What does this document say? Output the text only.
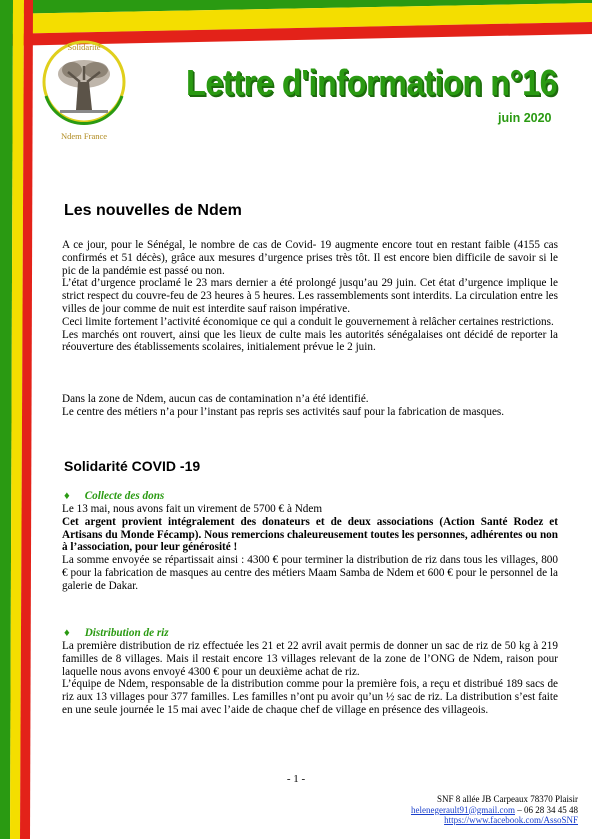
Solidarité
Ndem France
Lettre d'information n°16
juin 2020
Les nouvelles de Ndem

A ce jour, pour le Sénégal, le nombre de cas de Covid- 19 augmente encore tout en restant faible (4155 cas confirmés et 51 décès), grâce aux mesures d’urgence prises très tôt. Il est encore bien difficile de savoir si le pic de la pandémie est passé ou non.

L’état d’urgence proclamé le 23 mars dernier a été prolongé jusqu’au 29 juin. Cet état d’urgence implique le strict respect du couvre-feu de 23 heures à 5 heures. Les rassemblements sont interdits. La circulation entre les villes de jour comme de nuit est interdite sauf raison impérative.

Ceci limite fortement l’activité économique ce qui a conduit le gouvernement à relâcher certaines restrictions.

Les marchés ont rouvert, ainsi que les lieux de culte mais les autorités sénégalaises ont décidé de reporter la réouverture des établissements scolaires, initialement prévue le 2 juin.

Dans la zone de Ndem, aucun cas de contamination n’a été identifié.

Le centre des métiers n’a pour l’instant pas repris ses activités sauf pour la fabrication de masques.

Solidarité COVID -19
♦ Collecte des dons

Le 13 mai, nous avons fait un virement de 5700 € à Ndem

Cet argent provient intégralement des donateurs et de deux associations (Action Santé Rodez et Artisans du Monde Fécamp). Nous remercions chaleureusement toutes les personnes, adhérentes ou non à l’association, pour leur générosité !

La somme envoyée se répartissait ainsi : 4300 € pour terminer la distribution de riz dans tous les villages, 800 € pour la fabrication de masques au centre des métiers Maam Samba de Ndem et 600 € pour le personnel de la galerie de Dakar.

♦ Distribution de riz

La première distribution de riz effectuée les 21 et 22 avril avait permis de donner un sac de riz de 50 kg à 219 familles de 8 villages. Mais il restait encore 13 villages relevant de la zone de l’ONG de Ndem, raison pour laquelle nous avons envoyé 4300 € pour un deuxième achat de riz.

L’équipe de Ndem, responsable de la distribution comme pour la première fois, a reçu et distribué 189 sacs de riz aux 13 villages pour 377 familles. Les familles n’ont pu avoir qu’un ½ sac de riz. La distribution s’est faite en une seule journée le 15 mai avec l’aide de chaque chef de village en présence des villageois.

- 1 -
SNF 8 allée JB Carpeaux 78370 Plaisir
helenegerault91@gmail.com – 06 28 34 45 48
https://www.facebook.com/AssoSNF
